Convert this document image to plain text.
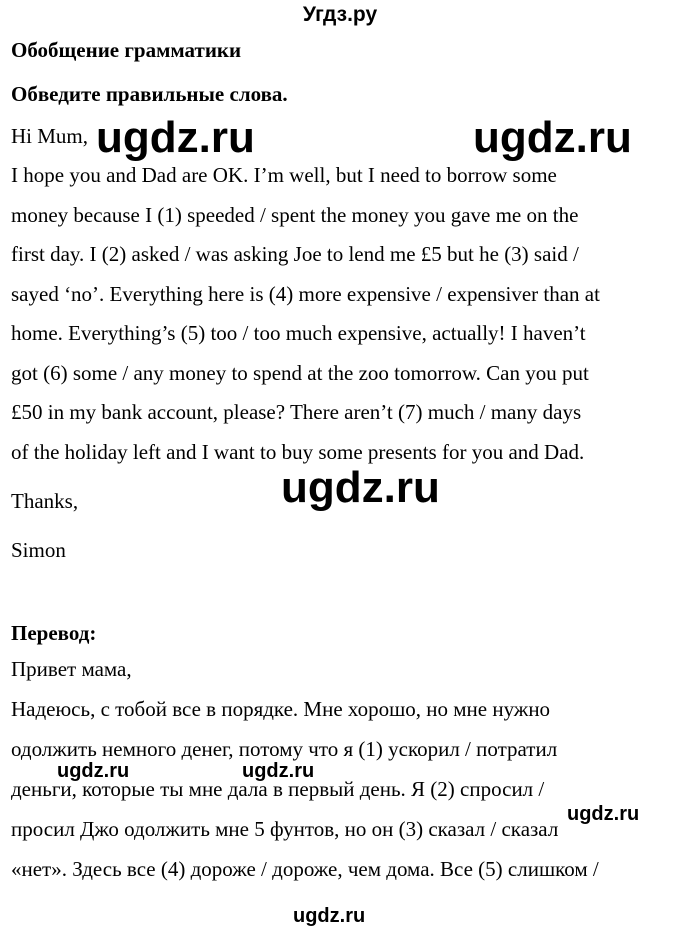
Угдз.ру
Обобщение грамматики
Обведите правильные слова.
Hi Mum,
I hope you and Dad are OK. I’m well, but I need to borrow some
money because I (1) speeded / spent the money you gave me on the
first day. I (2) asked / was asking Joe to lend me £5 but he (3) said /
sayed ‘no’. Everything here is (4) more expensive / expensiver than at
home. Everything’s (5) too / too much expensive, actually! I haven’t
got (6) some / any money to spend at the zoo tomorrow. Can you put
£50 in my bank account, please? There aren’t (7) much / many days
of the holiday left and I want to buy some presents for you and Dad.
Thanks,
Simon
Перевод:
Привет мама,
Надеюсь, с тобой все в порядке. Мне хорошо, но мне нужно
одолжить немного денег, потому что я (1) ускорил / потратил
деньги, которые ты мне дала в первый день. Я (2) спросил /
просил Джо одолжить мне 5 фунтов, но он (3) сказал / сказал
«нет». Здесь все (4) дороже / дороже, чем дома. Все (5) слишком /
ugdz.ru	ugdz.ru
ugdz.ru
ugdz.ru	ugdz.ru
ugdz.ru
ugdz.ru
